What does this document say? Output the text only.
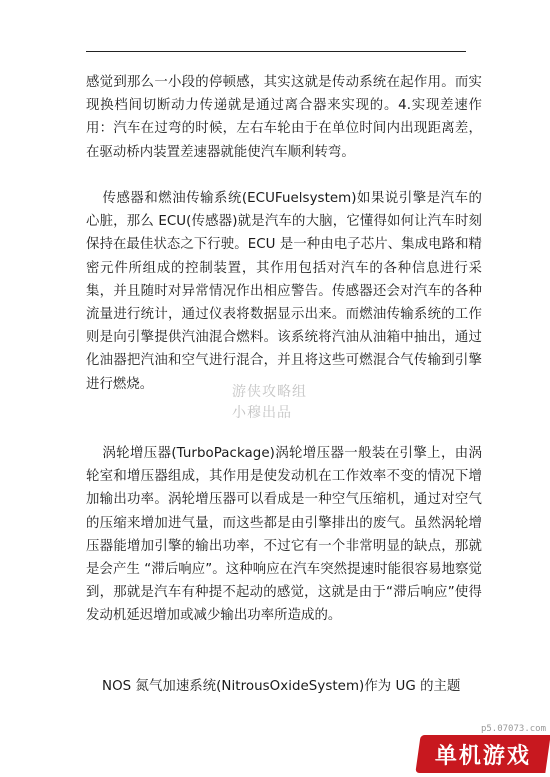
感觉到那么一小段的停顿感，其实这就是传动系统在起作用。而实现换档间切断动力传递就是通过离合器来实现的。4.实现差速作用：汽车在过弯的时候，左右车轮由于在单位时间内出现距离差，在驱动桥内装置差速器就能使汽车顺利转弯。

传感器和燃油传输系统(ECUFuelsystem)如果说引擎是汽车的心脏，那么 ECU(传感器)就是汽车的大脑，它懂得如何让汽车时刻保持在最佳状态之下行驶。ECU 是一种由电子芯片、集成电路和精密元件所组成的控制装置，其作用包括对汽车的各种信息进行采集，并且随时对异常情况作出相应警告。传感器还会对汽车的各种流量进行统计，通过仪表将数据显示出来。而燃油传输系统的工作则是向引擎提供汽油混合燃料。该系统将汽油从油箱中抽出，通过化油器把汽油和空气进行混合，并且将这些可燃混合气传输到引擎进行燃烧。

涡轮增压器(TurboPackage)涡轮增压器一般装在引擎上，由涡轮室和增压器组成，其作用是使发动机在工作效率不变的情况下增加输出功率。涡轮增压器可以看成是一种空气压缩机，通过对空气的压缩来增加进气量，而这些都是由引擎排出的废气。虽然涡轮增压器能增加引擎的输出功率，不过它有一个非常明显的缺点，那就是会产生 “滞后响应”。这种响应在汽车突然提速时能很容易地察觉到，那就是汽车有种提不起动的感觉，这就是由于“滞后响应”使得发动机延迟增加或减少输出功率所造成的。

NOS 氮气加速系统(NitrousOxideSystem)作为 UG 的主题

游侠攻略组
小穆出品
p5.07073.com
单机游戏
